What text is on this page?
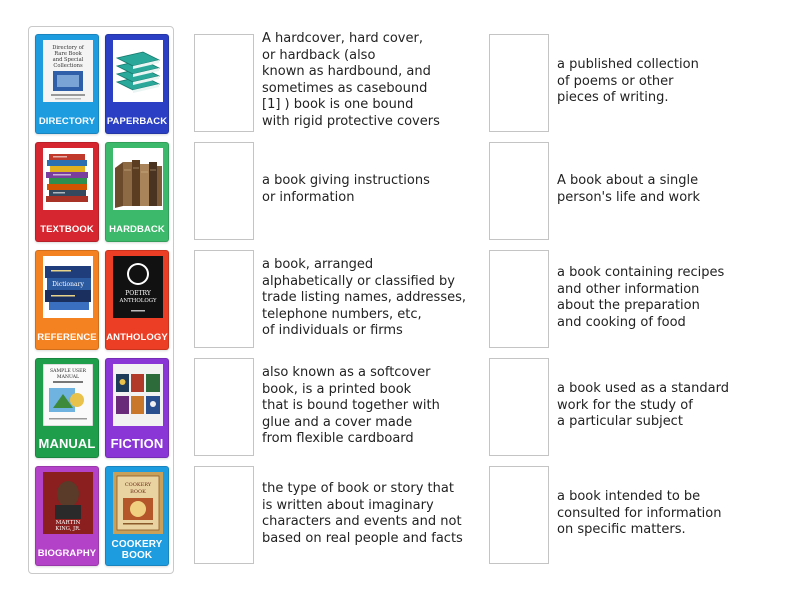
Directory of
Rare Book
and Special
Collections
DIRECTORY PAPERBACK
TEXTBOOK	HARDBACK
Dictionary
REFERENCE
POETRY
ANTHOLOGY
ANTHOLOGY
SAMPLE USER
MANUAL
MANUAL	FICTION
MARTIN
KING, JR.
BIOGRAPHY
COOKERY
BOOK
COOKERY
BOOK
A hardcover, hard cover,
or hardback (also
known as hardbound, and
sometimes as casebound
[1] ) book is one bound
with rigid protective covers
a published collection
of poems or other
pieces of writing.
a book giving instructions
or information
A book about a single
person's life and work
a book, arranged
alphabetically or classified by
trade listing names, addresses,
telephone numbers, etc,
of individuals or firms
a book containing recipes
and other information
about the preparation
and cooking of food
also known as a softcover
book, is a printed book
that is bound together with
glue and a cover made
from flexible cardboard
a book used as a standard
work for the study of
a particular subject
the type of book or story that
is written about imaginary
characters and events and not
based on real people and facts
a book intended to be
consulted for information
on specific matters.
